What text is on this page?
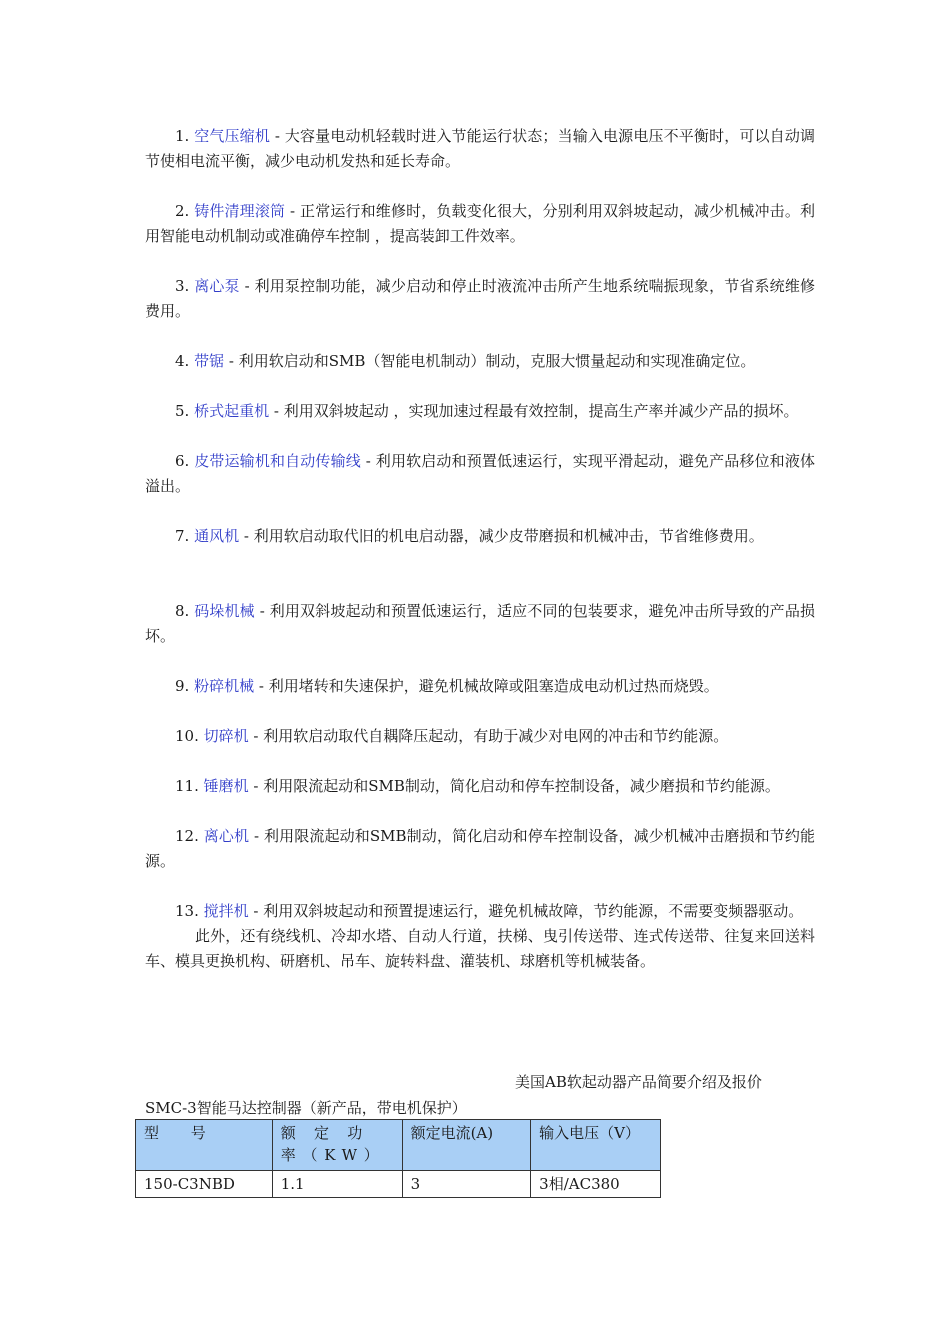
1. 空气压缩机 - 大容量电动机轻载时进入节能运行状态；当输入电源电压不平衡时，可以自动调节使相电流平衡，减少电动机发热和延长寿命。

2. 铸件清理滚筒 - 正常运行和维修时，负载变化很大，分别利用双斜坡起动，减少机械冲击。利用智能电动机制动或准确停车控制 ，提高装卸工件效率。

3. 离心泵 - 利用泵控制功能，减少启动和停止时液流冲击所产生地系统喘振现象，节省系统维修费用。

4. 带锯 - 利用软启动和SMB（智能电机制动）制动，克服大惯量起动和实现准确定位。

5. 桥式起重机 - 利用双斜坡起动 ，实现加速过程最有效控制，提高生产率并减少产品的损坏。

6. 皮带运输机和自动传输线 - 利用软启动和预置低速运行，实现平滑起动，避免产品移位和液体溢出。

7. 通风机 - 利用软启动取代旧的机电启动器，减少皮带磨损和机械冲击，节省维修费用。

8. 码垛机械 - 利用双斜坡起动和预置低速运行，适应不同的包装要求，避免冲击所导致的产品损坏。

9. 粉碎机械 - 利用堵转和失速保护，避免机械故障或阻塞造成电动机过热而烧毁。

10. 切碎机 - 利用软启动取代自耦降压起动，有助于减少对电网的冲击和节约能源。

11. 锤磨机 - 利用限流起动和SMB制动，简化启动和停车控制设备，减少磨损和节约能源。

12. 离心机 - 利用限流起动和SMB制动，简化启动和停车控制设备，减少机械冲击磨损和节约能源。

13. 搅拌机 - 利用双斜坡起动和预置提速运行，避免机械故障，节约能源，不需要变频器驱动。

此外，还有绕线机、冷却水塔、自动人行道，扶梯、曳引传送带、连式传送带、往复来回送料车、模具更换机构、研磨机、吊车、旋转料盘、灌装机、球磨机等机械装备。

美国AB软起动器产品简要介绍及报价
SMC-3智能马达控制器（新产品，带电机保护）
型 号	额 定 功 率（KW）	额定电流(A)	输入电压（V）
150-C3NBD	1.1	3	3相/AC380
